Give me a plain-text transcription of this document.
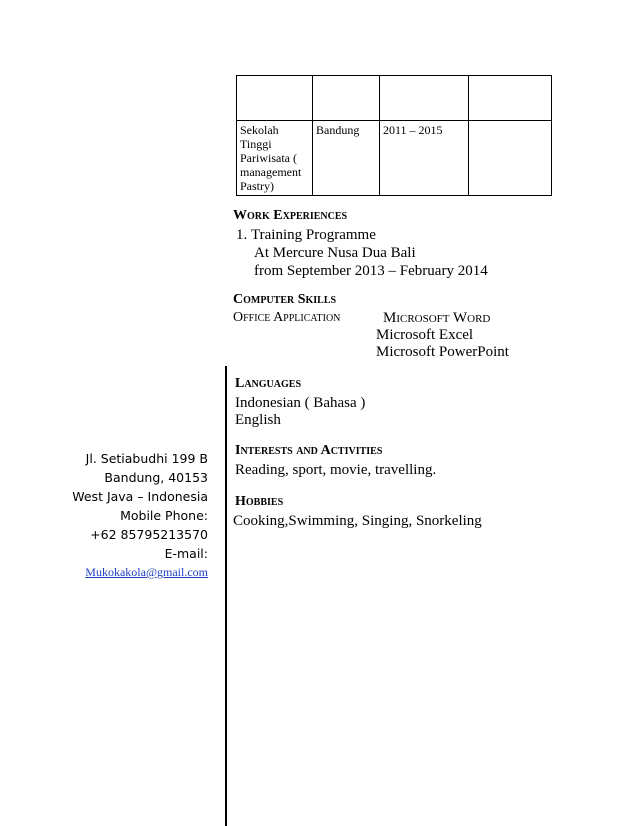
Sekolah Tinggi Pariwisata ( management Pastry)	Bandung	2011 – 2015	
Work Experiences
1. Training Programme
At Mercure Nusa Dua Bali
from September 2013 – February 2014
Computer Skills
Office Application	Microsoft Word
Microsoft Excel
Microsoft PowerPoint
Languages
Indonesian ( Bahasa )
English
Interests and Activities
Reading, sport, movie, travelling.
Hobbies
Cooking,Swimming, Singing, Snorkeling
Jl. Setiabudhi 199 B
Bandung, 40153
West Java – Indonesia
Mobile Phone:
+62 85795213570
E-mail:
Mukokakola@gmail.com
